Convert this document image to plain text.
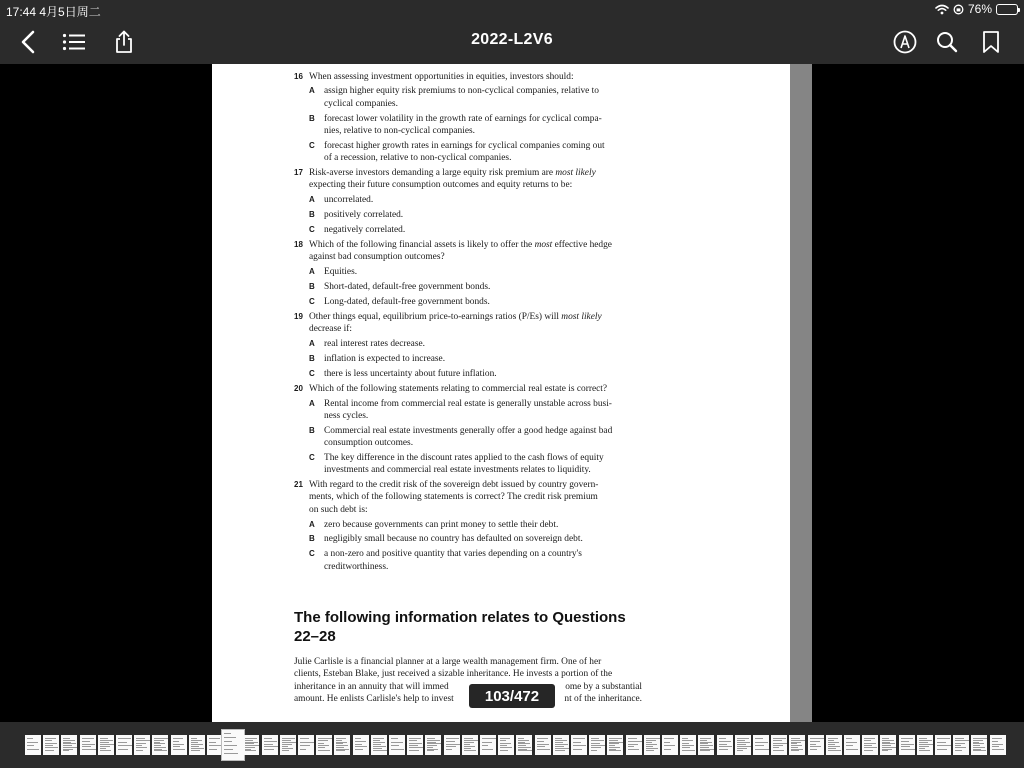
17:44 4月5日周二	76%
2022-L2V6
16 When assessing investment opportunities in equities, investors should:
A assign higher equity risk premiums to non-cyclical companies, relative to
cyclical companies.
B forecast lower volatility in the growth rate of earnings for cyclical compa-
nies, relative to non-cyclical companies.
C forecast higher growth rates in earnings for cyclical companies coming out
of a recession, relative to non-cyclical companies.
17 Risk-averse investors demanding a large equity risk premium are most likely
expecting their future consumption outcomes and equity returns to be:
A uncorrelated.
B positively correlated.
C negatively correlated.
18 Which of the following financial assets is likely to offer the most effective hedge
against bad consumption outcomes?
A Equities.
B Short-dated, default-free government bonds.
C Long-dated, default-free government bonds.
19 Other things equal, equilibrium price-to-earnings ratios (P/Es) will most likely
decrease if:
A real interest rates decrease.
B inflation is expected to increase.
C there is less uncertainty about future inflation.
20 Which of the following statements relating to commercial real estate is correct?
A Rental income from commercial real estate is generally unstable across busi-
ness cycles.
B Commercial real estate investments generally offer a good hedge against bad
consumption outcomes.
C The key difference in the discount rates applied to the cash flows of equity
investments and commercial real estate investments relates to liquidity.
21 With regard to the credit risk of the sovereign debt issued by country govern-
ments, which of the following statements is correct? The credit risk premium
on such debt is:
A zero because governments can print money to settle their debt.
B negligibly small because no country has defaulted on sovereign debt.
C a non-zero and positive quantity that varies depending on a country's
creditworthiness.
The following information relates to Questions
22–28
Julie Carlisle is a financial planner at a large wealth management firm. One of her
clients, Esteban Blake, just received a sizable inheritance. He invests a portion of the
inheritance in an annuity that will immed	ome by a substantial
amount. He enlists Carlisle's help to invest	nt of the inheritance.
103/472
